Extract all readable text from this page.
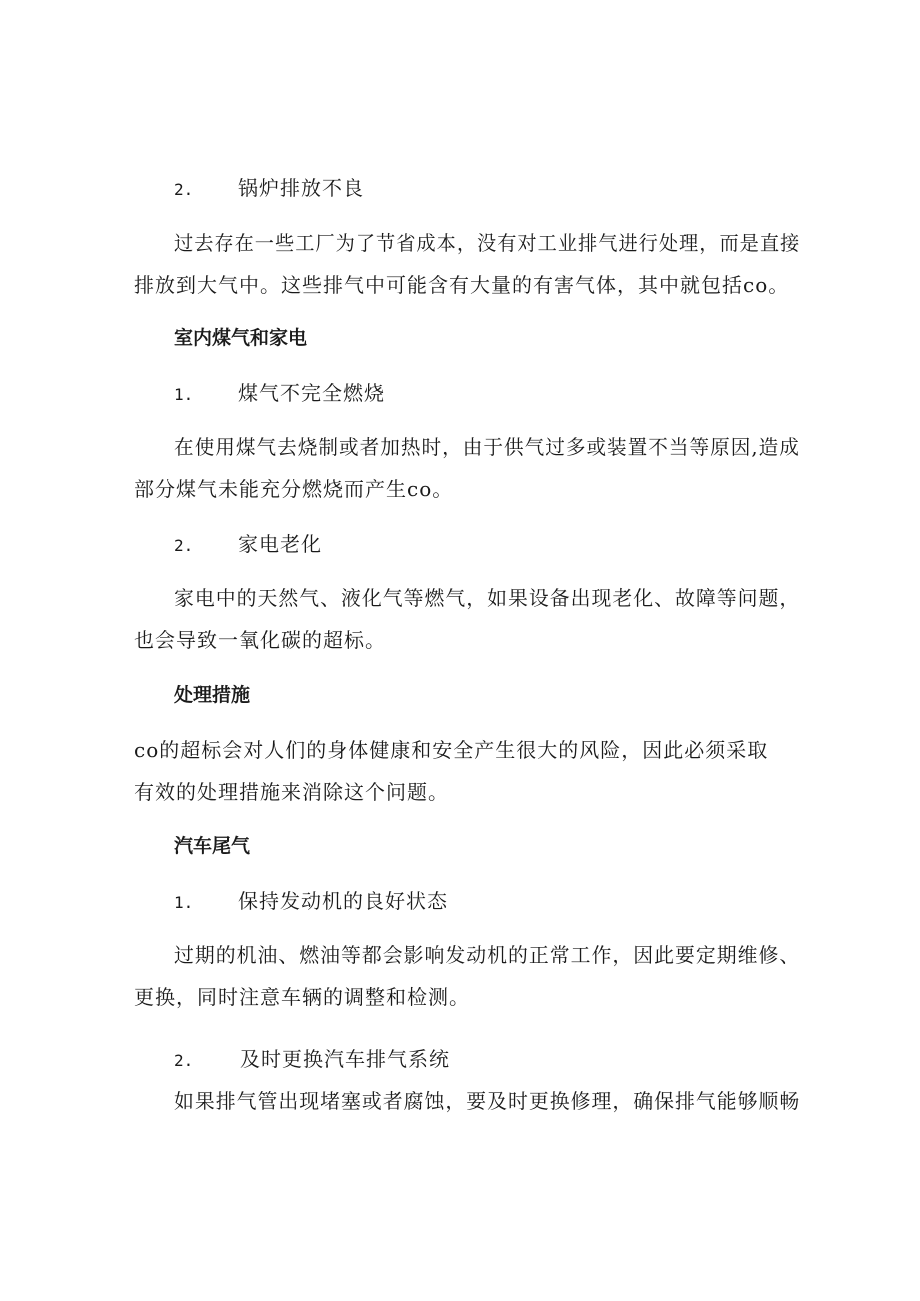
2. 锅炉排放不良
过去存在一些工厂为了节省成本，没有对工业排气进行处理，而是直接
排放到大气中。这些排气中可能含有大量的有害气体，其中就包括co。
室内煤气和家电
1. 煤气不完全燃烧
在使用煤气去烧制或者加热时，由于供气过多或装置不当等原因,造成
部分煤气未能充分燃烧而产生co。
2. 家电老化
家电中的天然气、液化气等燃气，如果设备出现老化、故障等问题，
也会导致一氧化碳的超标。
处理措施
co的超标会对人们的身体健康和安全产生很大的风险，因此必须采取
有效的处理措施来消除这个问题。
汽车尾气
1. 保持发动机的良好状态
过期的机油、燃油等都会影响发动机的正常工作，因此要定期维修、
更换，同时注意车辆的调整和检测。
2. 及时更换汽车排气系统
如果排气管出现堵塞或者腐蚀，要及时更换修理，确保排气能够顺畅
